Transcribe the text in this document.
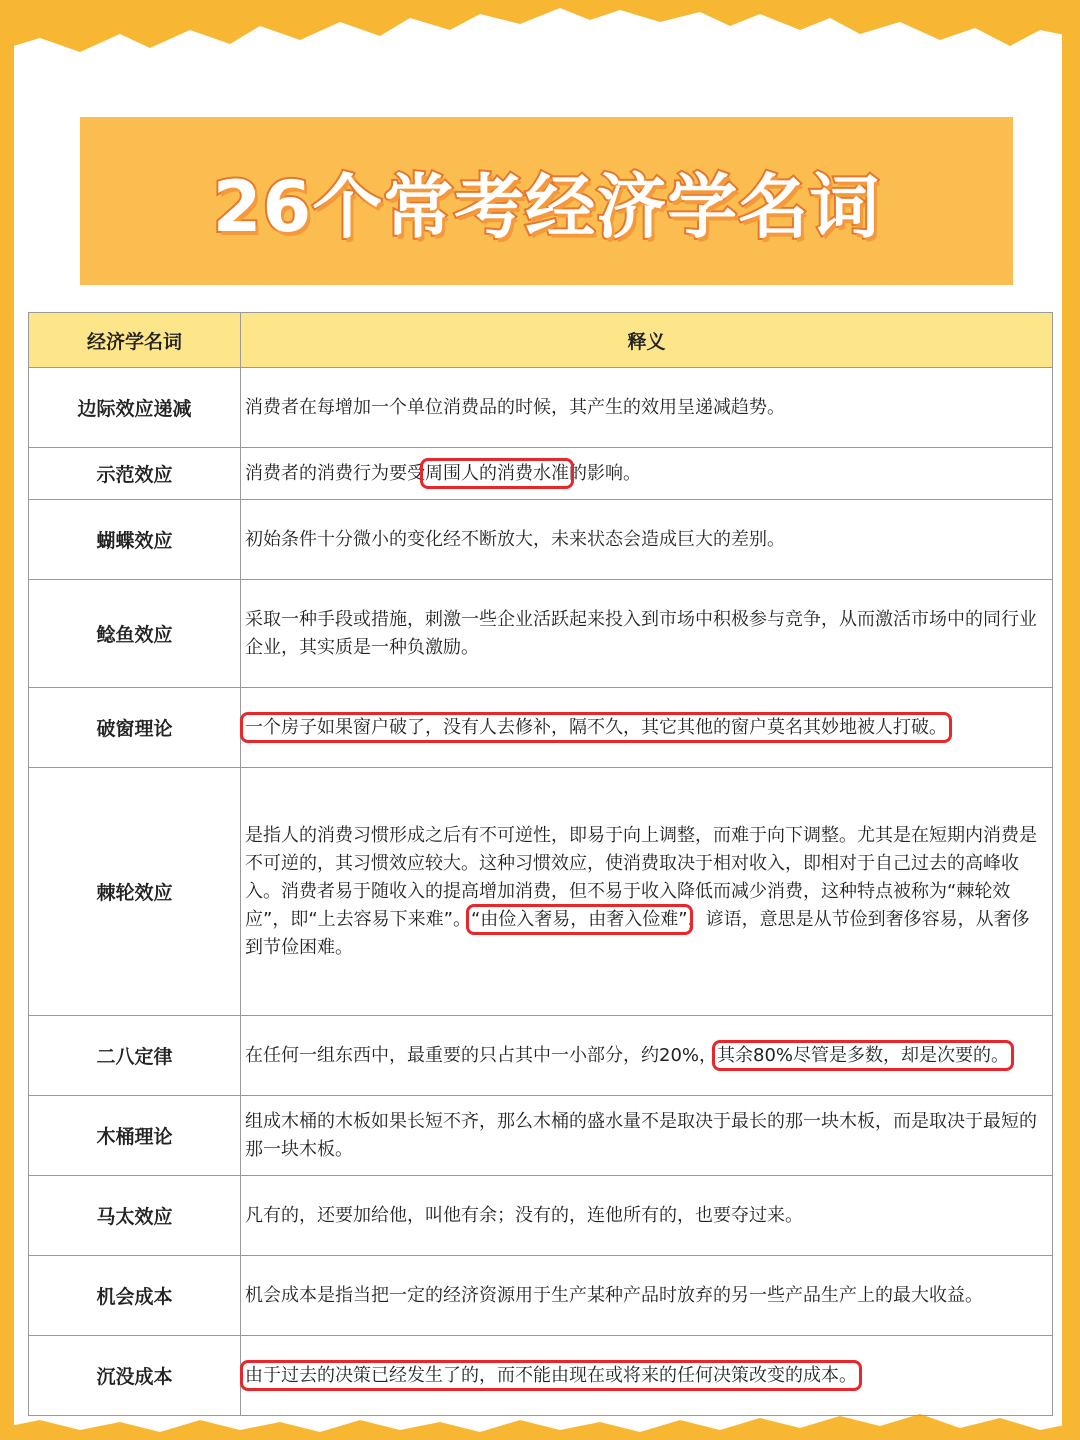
26个常考经济学名词
经济学名词	释义
边际效应递减	消费者在每增加一个单位消费品的时候，其产生的效用呈递减趋势。
示范效应	消费者的消费行为要受周围人的消费水准的影响。
蝴蝶效应	初始条件十分微小的变化经不断放大，未来状态会造成巨大的差别。
鲶鱼效应	采取一种手段或措施，刺激一些企业活跃起来投入到市场中积极参与竞争，从而激活市场中的同行业企业，其实质是一种负激励。
破窗理论	一个房子如果窗户破了，没有人去修补，隔不久，其它其他的窗户莫名其妙地被人打破。
棘轮效应	是指人的消费习惯形成之后有不可逆性，即易于向上调整，而难于向下调整。尤其是在短期内消费是不可逆的，其习惯效应较大。这种习惯效应，使消费取决于相对收入，即相对于自己过去的高峰收入。消费者易于随收入的提高增加消费，但不易于收入降低而减少消费，这种特点被称为“棘轮效应”，即“上去容易下来难”。“由俭入奢易，由奢入俭难”，谚语，意思是从节俭到奢侈容易，从奢侈到节俭困难。
二八定律	在任何一组东西中，最重要的只占其中一小部分，约20%，其余80%尽管是多数，却是次要的。
木桶理论	组成木桶的木板如果长短不齐，那么木桶的盛水量不是取决于最长的那一块木板，而是取决于最短的那一块木板。
马太效应	凡有的，还要加给他，叫他有余；没有的，连他所有的，也要夺过来。
机会成本	机会成本是指当把一定的经济资源用于生产某种产品时放弃的另一些产品生产上的最大收益。
沉没成本	由于过去的决策已经发生了的，而不能由现在或将来的任何决策改变的成本。
